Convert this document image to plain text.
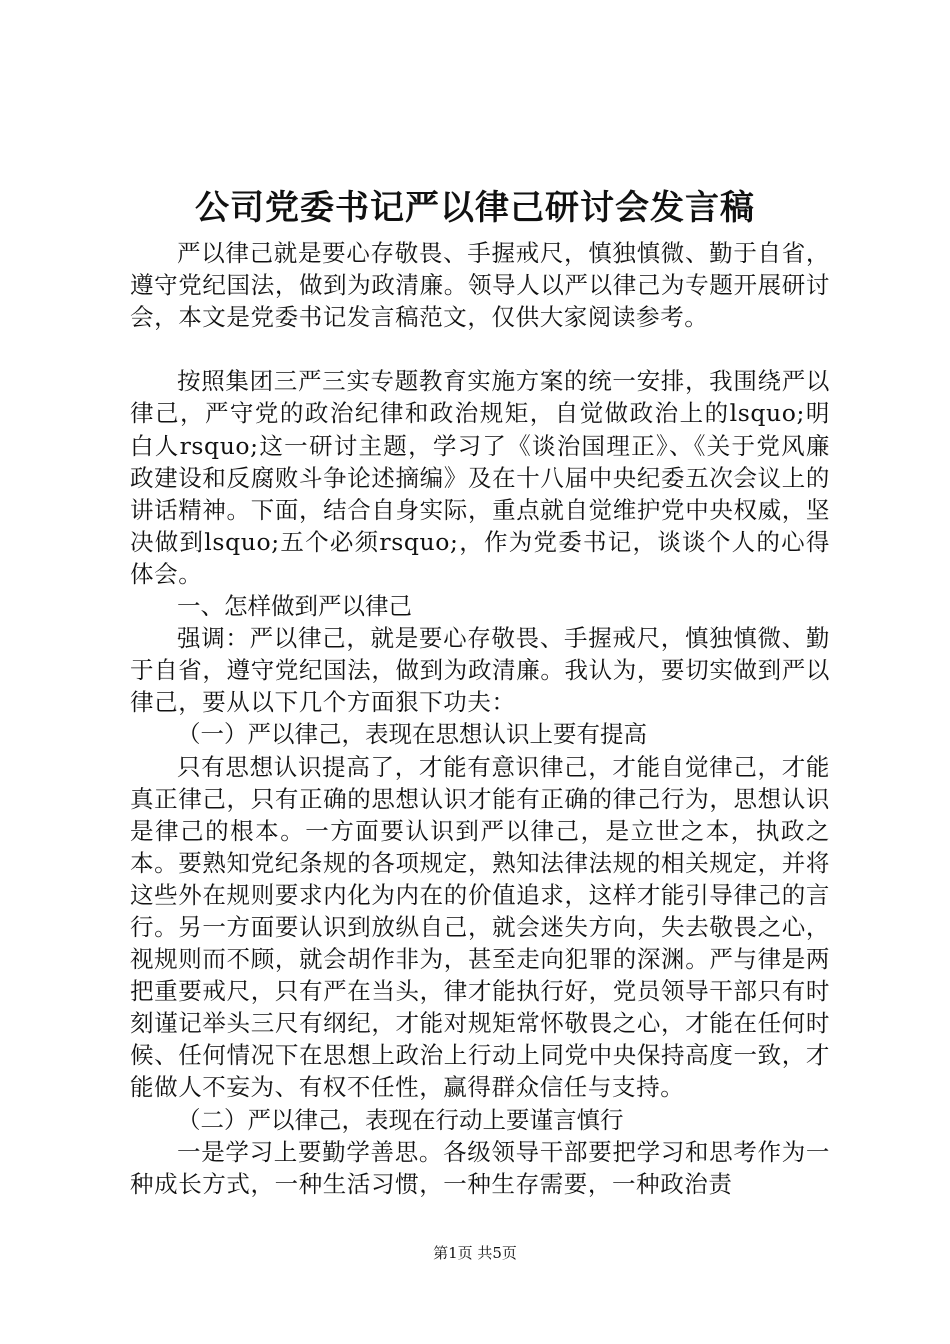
公司党委书记严以律己研讨会发言稿

严以律己就是要心存敬畏、手握戒尺，慎独慎微、勤于自省，遵守党纪国法，做到为政清廉。领导人以严以律己为专题开展研讨会，本文是党委书记发言稿范文，仅供大家阅读参考。

按照集团三严三实专题教育实施方案的统一安排，我围绕严以律己，严守党的政治纪律和政治规矩，自觉做政治上的lsquo;明白人rsquo;这一研讨主题，学习了《谈治国理正》、《关于党风廉政建设和反腐败斗争论述摘编》及在十八届中央纪委五次会议上的讲话精神。下面，结合自身实际，重点就自觉维护党中央权威，坚决做到lsquo;五个必须rsquo;，作为党委书记，谈谈个人的心得体会。

一、怎样做到严以律己

强调：严以律己，就是要心存敬畏、手握戒尺，慎独慎微、勤于自省，遵守党纪国法，做到为政清廉。我认为，要切实做到严以律己，要从以下几个方面狠下功夫：

（一）严以律己，表现在思想认识上要有提高

只有思想认识提高了，才能有意识律己，才能自觉律己，才能真正律己，只有正确的思想认识才能有正确的律己行为，思想认识是律己的根本。一方面要认识到严以律己，是立世之本，执政之本。要熟知党纪条规的各项规定，熟知法律法规的相关规定，并将这些外在规则要求内化为内在的价值追求，这样才能引导律己的言行。另一方面要认识到放纵自己，就会迷失方向，失去敬畏之心，视规则而不顾，就会胡作非为，甚至走向犯罪的深渊。严与律是两把重要戒尺，只有严在当头，律才能执行好，党员领导干部只有时刻谨记举头三尺有纲纪，才能对规矩常怀敬畏之心，才能在任何时候、任何情况下在思想上政治上行动上同党中央保持高度一致，才能做人不妄为、有权不任性，赢得群众信任与支持。

（二）严以律己，表现在行动上要谨言慎行

一是学习上要勤学善思。各级领导干部要把学习和思考作为一种成长方式，一种生活习惯，一种生存需要，一种政治责

第1页 共5页
